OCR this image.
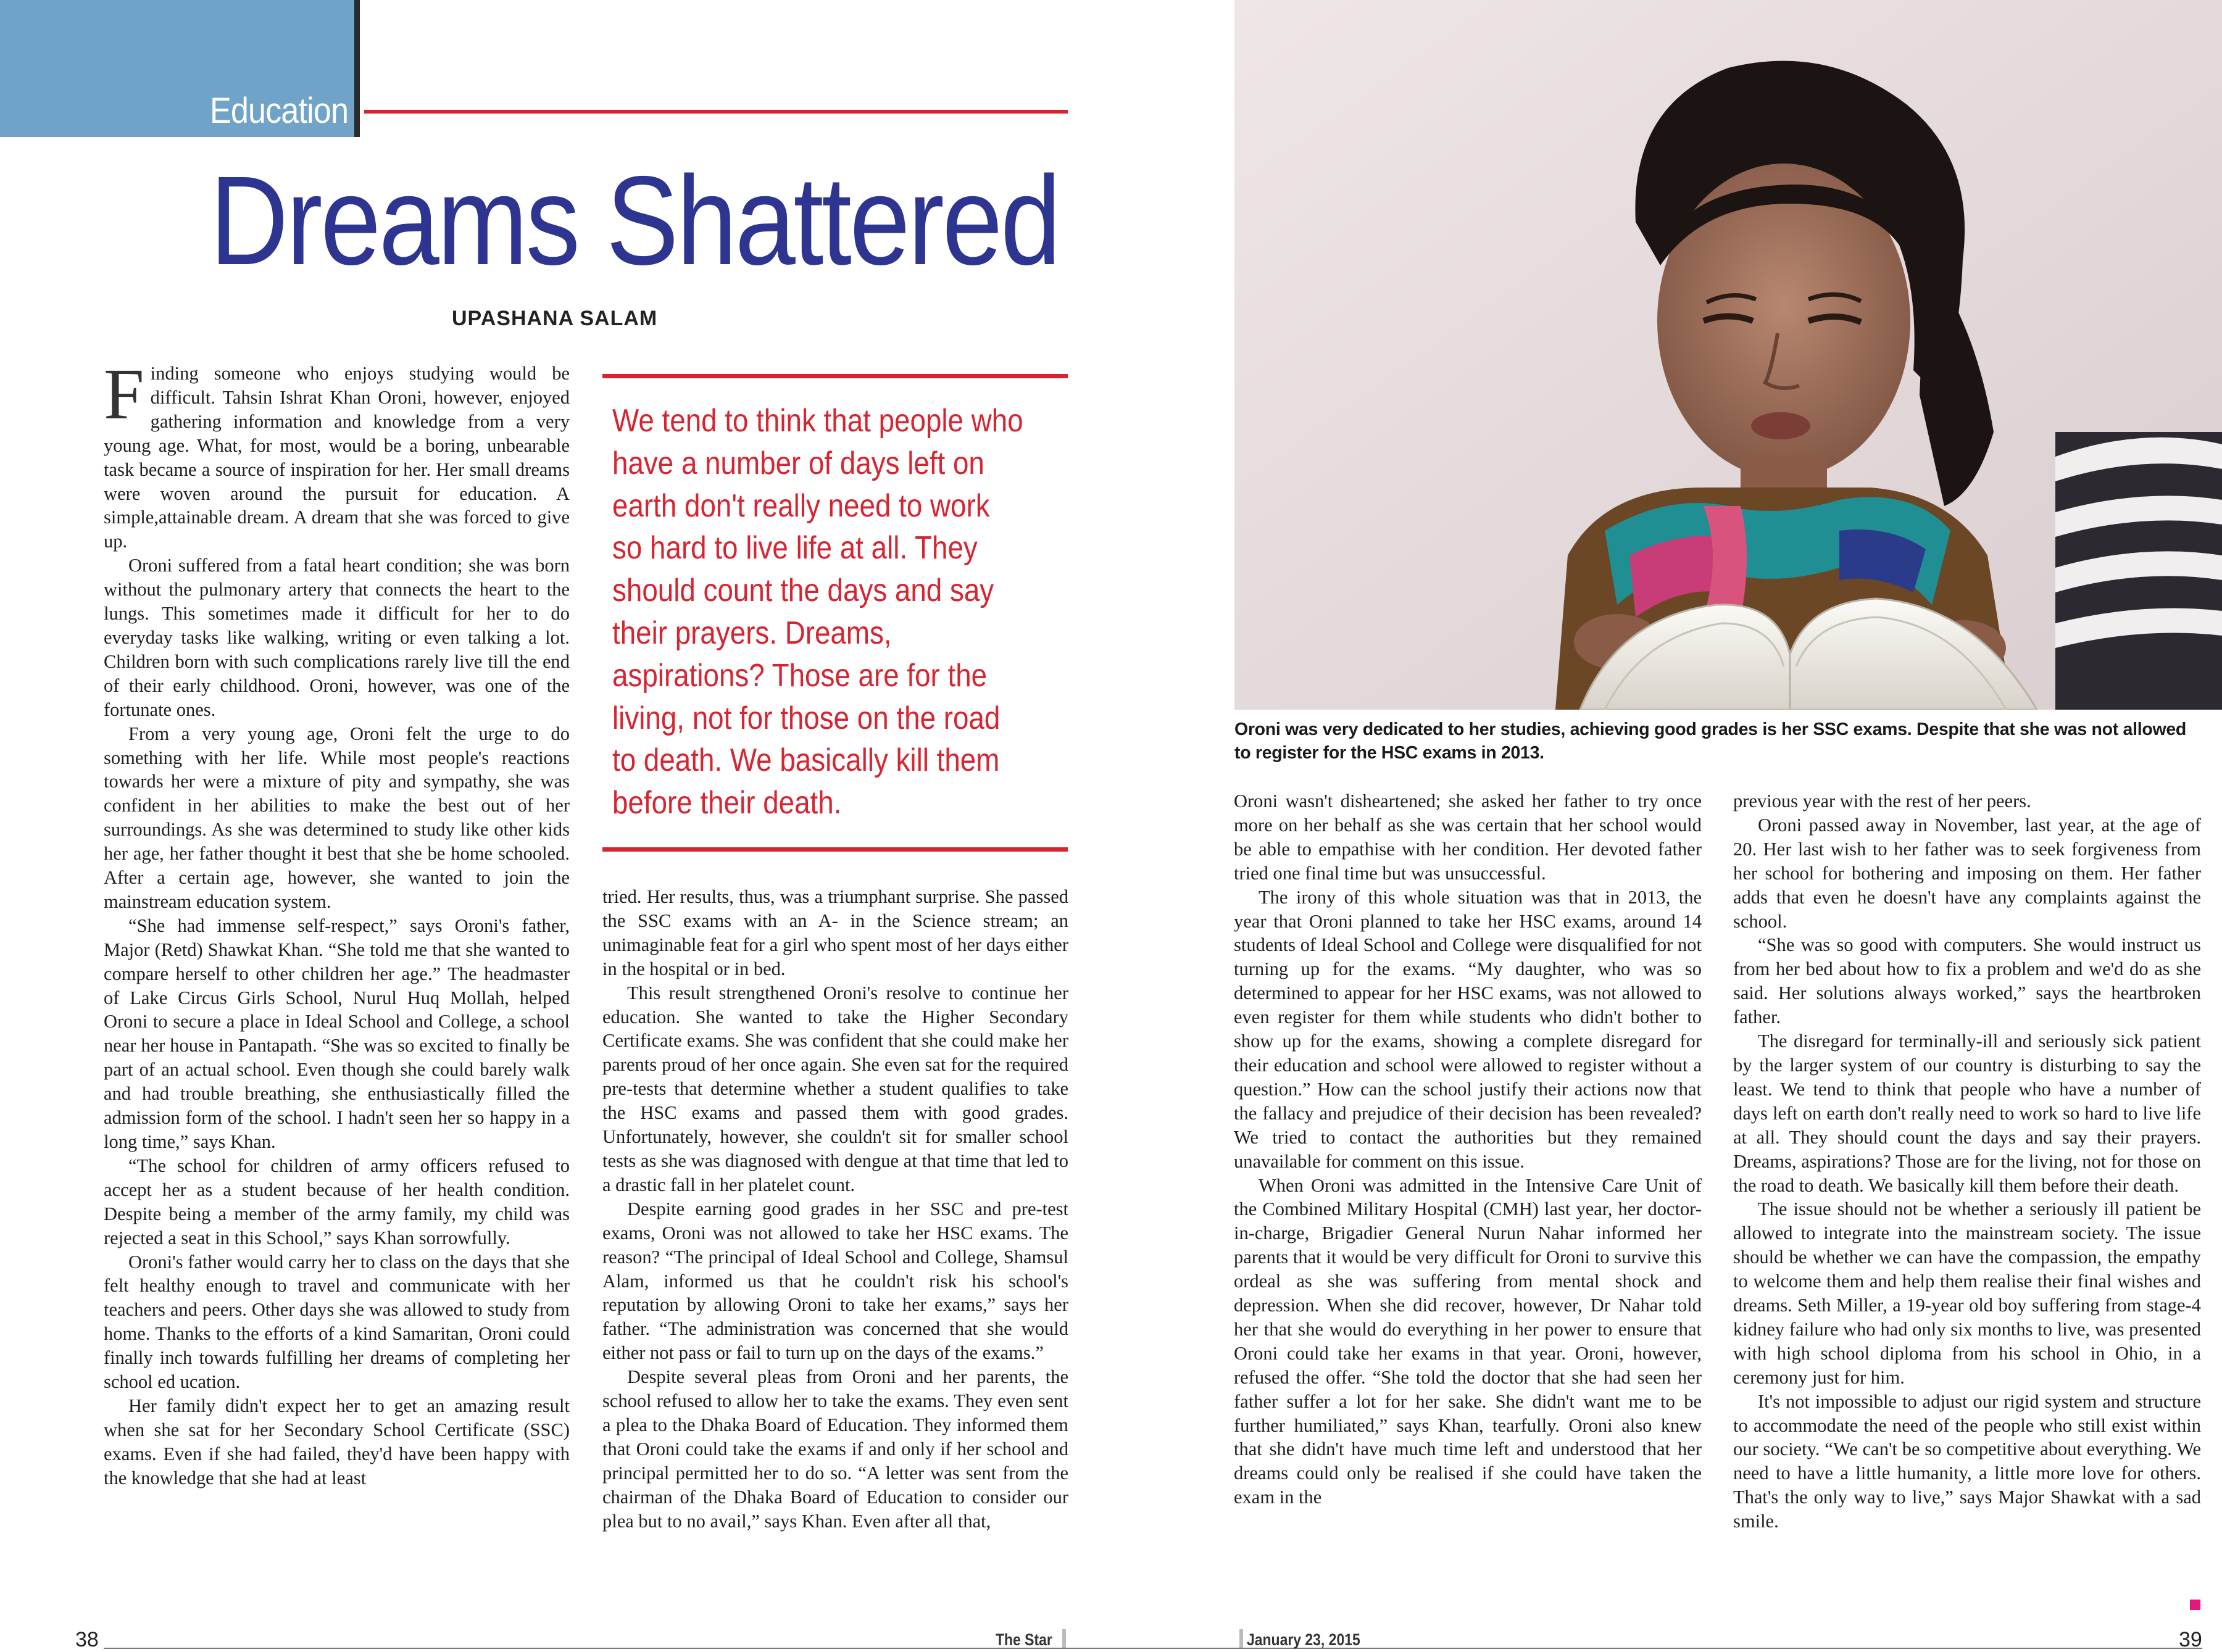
Education
Dreams Shattered
UPASHANA SALAM

Finding someone who enjoys studying would be difficult. Tahsin Ishrat Khan Oroni, however, enjoyed gathering information and knowledge from a very young age. What, for most, would be a boring, unbearable task became a source of inspiration for her. Her small dreams were woven around the pursuit for education. A simple,attainable dream. A dream that she was forced to give up.

Oroni suffered from a fatal heart condition; she was born without the pulmonary artery that connects the heart to the lungs. This sometimes made it difficult for her to do everyday tasks like walking, writing or even talking a lot. Children born with such complications rarely live till the end of their early childhood. Oroni, however, was one of the fortunate ones.

From a very young age, Oroni felt the urge to do something with her life. While most people's reactions towards her were a mixture of pity and sympathy, she was confident in her abilities to make the best out of her surroundings. As she was determined to study like other kids her age, her father thought it best that she be home schooled. After a certain age, however, she wanted to join the mainstream education system.

“She had immense self-respect,” says Oroni's father, Major (Retd) Shawkat Khan. “She told me that she wanted to compare herself to other children her age.” The headmaster of Lake Circus Girls School, Nurul Huq Mollah, helped Oroni to secure a place in Ideal School and College, a school near her house in Pantapath. “She was so excited to finally be part of an actual school. Even though she could barely walk and had trouble breathing, she enthusiastically filled the admission form of the school. I hadn't seen her so happy in a long time,” says Khan.

“The school for children of army officers refused to accept her as a student because of her health condition. Despite being a member of the army family, my child was rejected a seat in this School,” says Khan sorrowfully.

Oroni's father would carry her to class on the days that she felt healthy enough to travel and communicate with her teachers and peers. Other days she was allowed to study from home. Thanks to the efforts of a kind Samaritan, Oroni could finally inch towards fulfilling her dreams of completing her school ed ucation.

Her family didn't expect her to get an amazing result when she sat for her Secondary School Certificate (SSC) exams. Even if she had failed, they'd have been happy with the knowledge that she had at least

We tend to think that people who
have a number of days left on
earth don't really need to work
so hard to live life at all. They
should count the days and say
their prayers. Dreams,
aspirations? Those are for the
living, not for those on the road
to death. We basically kill them
before their death.

tried. Her results, thus, was a triumphant surprise. She passed the SSC exams with an A- in the Science stream; an unimaginable feat for a girl who spent most of her days either in the hospital or in bed.

This result strengthened Oroni's resolve to continue her education. She wanted to take the Higher Secondary Certificate exams. She was confident that she could make her parents proud of her once again. She even sat for the required pre-tests that determine whether a student qualifies to take the HSC exams and passed them with good grades. Unfortunately, however, she couldn't sit for smaller school tests as she was diagnosed with dengue at that time that led to a drastic fall in her platelet count.

Despite earning good grades in her SSC and pre-test exams, Oroni was not allowed to take her HSC exams. The reason? “The principal of Ideal School and College, Shamsul Alam, informed us that he couldn't risk his school's reputation by allowing Oroni to take her exams,” says her father. “The administration was concerned that she would either not pass or fail to turn up on the days of the exams.”

Despite several pleas from Oroni and her parents, the school refused to allow her to take the exams. They even sent a plea to the Dhaka Board of Education. They informed them that Oroni could take the exams if and only if her school and principal permitted her to do so. “A letter was sent from the chairman of the Dhaka Board of Education to consider our plea but to no avail,” says Khan. Even after all that,

Oroni was very dedicated to her studies, achieving good grades is her SSC exams. Despite that she was not allowed
to register for the HSC exams in 2013.

Oroni wasn't disheartened; she asked her father to try once more on her behalf as she was certain that her school would be able to empathise with her condition. Her devoted father tried one final time but was unsuccessful.

The irony of this whole situation was that in 2013, the year that Oroni planned to take her HSC exams, around 14 students of Ideal School and College were disqualified for not turning up for the exams. “My daughter, who was so determined to appear for her HSC exams, was not allowed to even register for them while students who didn't bother to show up for the exams, showing a complete disregard for their education and school were allowed to register without a question.” How can the school justify their actions now that the fallacy and prejudice of their decision has been revealed? We tried to contact the authorities but they remained unavailable for comment on this issue.

When Oroni was admitted in the Intensive Care Unit of the Combined Military Hospital (CMH) last year, her doctor-in-charge, Brigadier General Nurun Nahar informed her parents that it would be very difficult for Oroni to survive this ordeal as she was suffering from mental shock and depression. When she did recover, however, Dr Nahar told her that she would do everything in her power to ensure that Oroni could take her exams in that year. Oroni, however, refused the offer. “She told the doctor that she had seen her father suffer a lot for her sake. She didn't want me to be further humiliated,” says Khan, tearfully. Oroni also knew that she didn't have much time left and understood that her dreams could only be realised if she could have taken the exam in the

previous year with the rest of her peers.

Oroni passed away in November, last year, at the age of 20. Her last wish to her father was to seek forgiveness from her school for bothering and imposing on them. Her father adds that even he doesn't have any complaints against the school.

“She was so good with computers. She would instruct us from her bed about how to fix a problem and we'd do as she said. Her solutions always worked,” says the heartbroken father.

The disregard for terminally-ill and seriously sick patient by the larger system of our country is disturbing to say the least. We tend to think that people who have a number of days left on earth don't really need to work so hard to live life at all. They should count the days and say their prayers. Dreams, aspirations? Those are for the living, not for those on the road to death. We basically kill them before their death.

The issue should not be whether a seriously ill patient be allowed to integrate into the mainstream society. The issue should be whether we can have the compassion, the empathy to welcome them and help them realise their final wishes and dreams. Seth Miller, a 19-year old boy suffering from stage-4 kidney failure who had only six months to live, was presented with high school diploma from his school in Ohio, in a ceremony just for him.

It's not impossible to adjust our rigid system and structure to accommodate the need of the people who still exist within our society. “We can't be so competitive about everything. We need to have a little humanity, a little more love for others. That's the only way to live,” says Major Shawkat with a sad smile.

38	The Star	January 23, 2015	39
